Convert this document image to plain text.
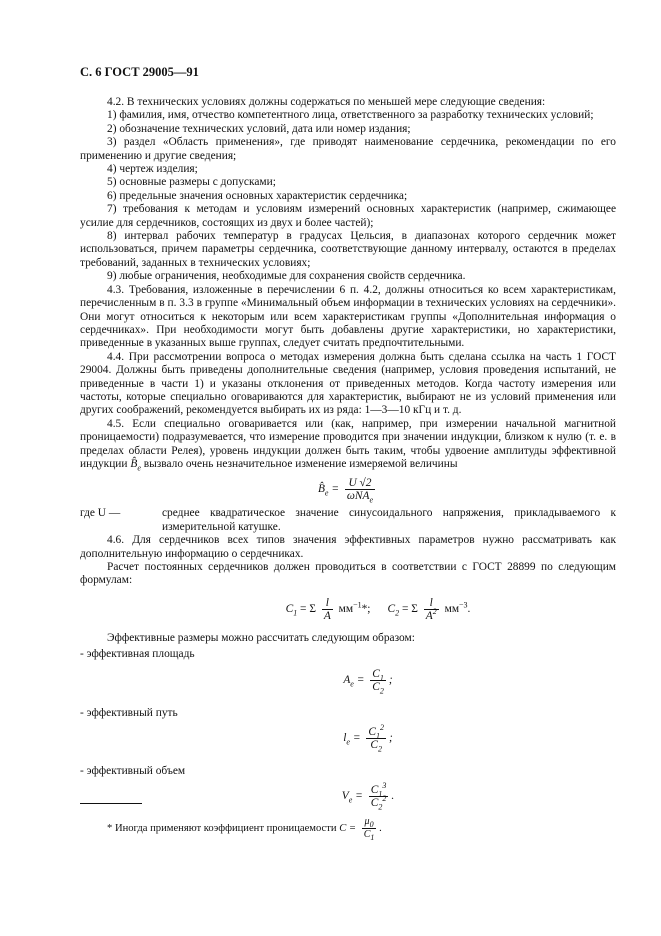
С. 6 ГОСТ 29005—91

4.2. В технических условиях должны содержаться по меньшей мере следующие сведения:

1) фамилия, имя, отчество компетентного лица, ответственного за разработку технических условий;

2) обозначение технических условий, дата или номер издания;

3) раздел «Область применения», где приводят наименование сердечника, рекомендации по его применению и другие сведения;

4) чертеж изделия;

5) основные размеры с допусками;

6) предельные значения основных характеристик сердечника;

7) требования к методам и условиям измерений основных характеристик (например, сжимающее усилие для сердечников, состоящих из двух и более частей);

8) интервал рабочих температур в градусах Цельсия, в диапазонах которого сердечник может использоваться, причем параметры сердечника, соответствующие данному интервалу, остаются в пределах требований, заданных в технических условиях;

9) любые ограничения, необходимые для сохранения свойств сердечника.

4.3. Требования, изложенные в перечислении 6 п. 4.2, должны относиться ко всем характеристикам, перечисленным в п. 3.3 в группе «Минимальный объем информации в технических условиях на сердечники». Они могут относиться к некоторым или всем характеристикам группы «Дополнительная информация о сердечниках». При необходимости могут быть добавлены другие характеристики, но характеристики, приведенные в указанных выше группах, следует считать предпочтительными.

4.4. При рассмотрении вопроса о методах измерения должна быть сделана ссылка на часть 1 ГОСТ 29004. Должны быть приведены дополнительные сведения (например, условия проведения испытаний, не приведенные в части 1) и указаны отклонения от приведенных методов. Когда частоту измерения или частоты, которые специально оговариваются для характеристик, выбирают не из условий применения или других соображений, рекомендуется выбирать их из ряда: 1—3—10 кГц и т. д.

4.5. Если специально оговаривается или (как, например, при измерении начальной магнитной проницаемости) подразумевается, что измерение проводится при значении индукции, близком к нулю (т. е. в пределах области Релея), уровень индукции должен быть таким, чтобы удвоение амплитуды эффективной индукции $B̂_e$ вызвало очень незначительное изменение измеряемой величины

$B̂_e = \frac{U √2}{\omega NA_e}$
где U —	среднее квадратическое значение синусоидального напряжения, прикладываемого к измерительной катушке.

4.6. Для сердечников всех типов значения эффективных параметров нужно рассматривать как дополнительную информацию о сердечниках.

Расчет постоянных сердечников должен проводиться в соответствии с ГОСТ 28899 по следующим формулам:

$C_1 = \Sigma \frac{l}{A} мм^{-1}*$; $C_2 = \Sigma \frac{l}{A^2} мм^{-3}$.

Эффективные размеры можно рассчитать следующим образом:

- эффективная площадь

$A_e = \frac{C_1}{C_2}$ ;

- эффективный путь

$l_e = \frac{C_1^2}{C_2}$ ;

- эффективный объем

$V_e = \frac{C_1^3}{C_2^2}$ .
* Иногда применяют коэффициент проницаемости $C = \frac{\mu_0}{C_1}$ .
